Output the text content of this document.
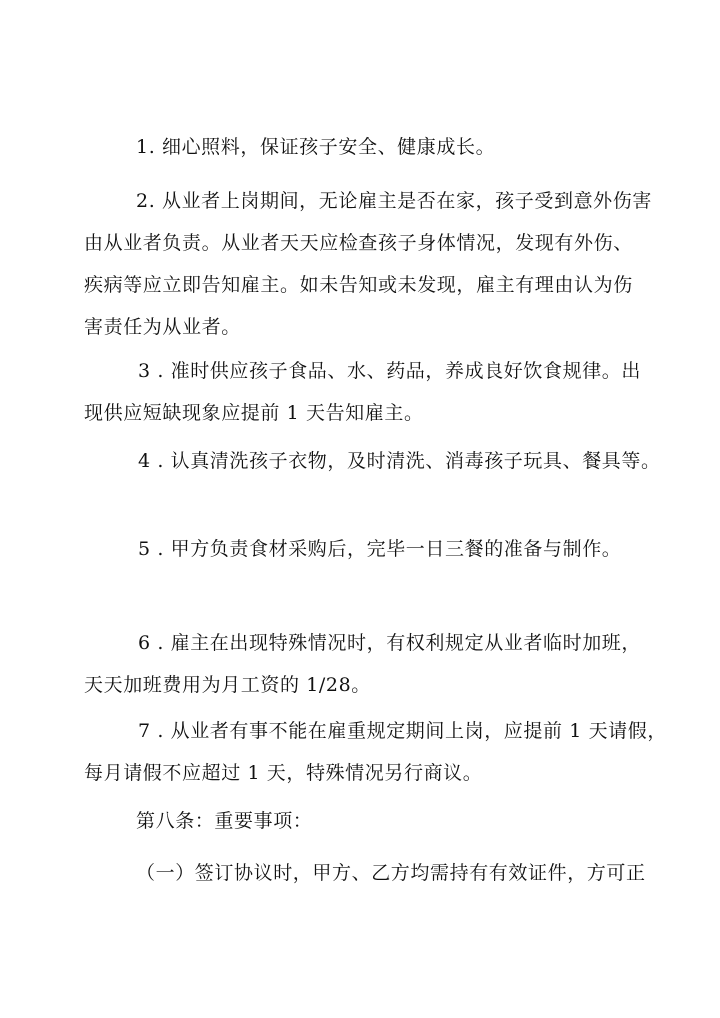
1. 细心照料，保证孩子安全、健康成长。

2. 从业者上岗期间，无论雇主是否在家，孩子受到意外伤害
由从业者负责。从业者天天应检查孩子身体情况，发现有外伤、
疾病等应立即告知雇主。如未告知或未发现，雇主有理由认为伤
害责任为从业者。

3 . 准时供应孩子食品、水、药品，养成良好饮食规律。出
现供应短缺现象应提前 1 天告知雇主。

4 . 认真清洗孩子衣物，及时清洗、消毒孩子玩具、餐具等。

5 . 甲方负责食材采购后，完毕一日三餐的准备与制作。

6 . 雇主在出现特殊情况时，有权利规定从业者临时加班，
天天加班费用为月工资的 1/28。

7 . 从业者有事不能在雇重规定期间上岗，应提前 1 天请假，
每月请假不应超过 1 天，特殊情况另行商议。

第八条：重要事项：

（一）签订协议时，甲方、乙方均需持有有效证件，方可正
